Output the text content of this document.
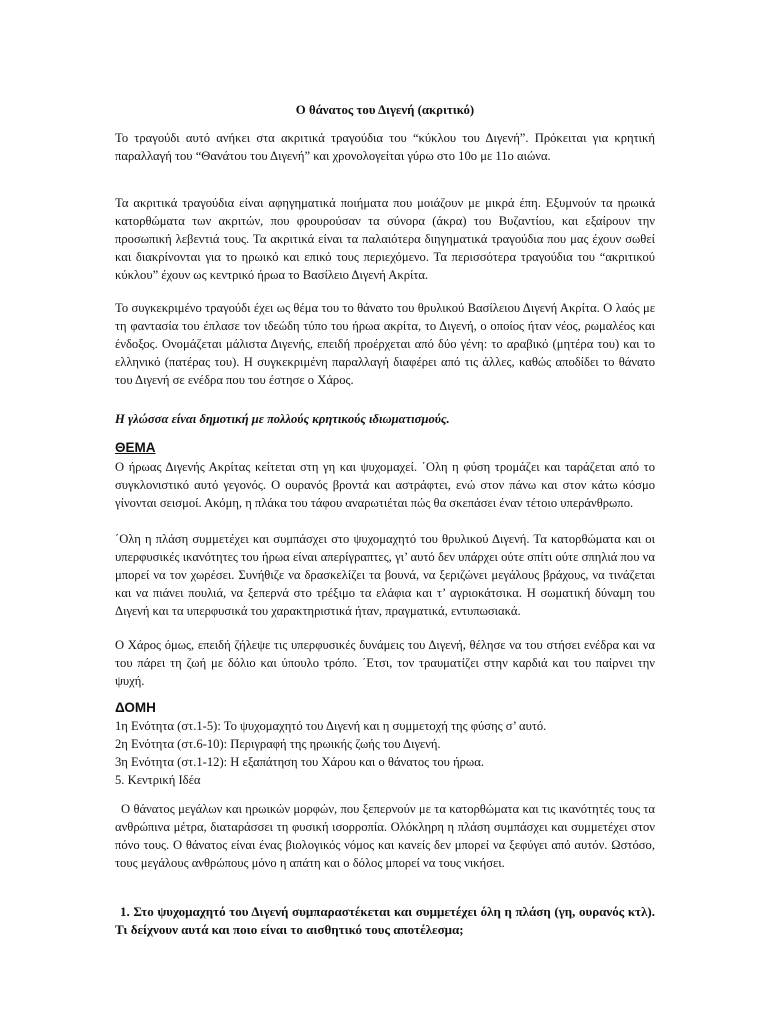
Ο θάνατος του Διγενή (ακριτικό)

Το τραγούδι αυτό ανήκει στα ακριτικά τραγούδια του “κύκλου του Διγενή”. Πρόκειται για κρητική παραλλαγή του “Θανάτου του Διγενή” και χρονολογείται γύρω στο 10ο με 11ο αιώνα.

Τα ακριτικά τραγούδια είναι αφηγηματικά ποιήματα που μοιάζουν με μικρά έπη. Εξυμνούν τα ηρωικά κατορθώματα των ακριτών, που φρουρούσαν τα σύνορα (άκρα) του Βυζαντίου, και εξαίρουν την προσωπική λεβεντιά τους. Τα ακριτικά είναι τα παλαιότερα διηγηματικά τραγούδια που μας έχουν σωθεί και διακρίνονται για το ηρωικό και επικό τους περιεχόμενο. Τα περισσότερα τραγούδια του “ακριτικού κύκλου” έχουν ως κεντρικό ήρωα το Βασίλειο Διγενή Ακρίτα.

Το συγκεκριμένο τραγούδι έχει ως θέμα του το θάνατο του θρυλικού Βασίλειου Διγενή Ακρίτα. Ο λαός με τη φαντασία του έπλασε τον ιδεώδη τύπο του ήρωα ακρίτα, το Διγενή, ο οποίος ήταν νέος, ρωμαλέος και ένδοξος. Ονομάζεται μάλιστα Διγενής, επειδή προέρχεται από δύο γένη: το αραβικό (μητέρα του) και το ελληνικό (πατέρας του). Η συγκεκριμένη παραλλαγή διαφέρει από τις άλλες, καθώς αποδίδει το θάνατο του Διγενή σε ενέδρα που του έστησε ο Χάρος.

Η γλώσσα είναι δημοτική με πολλούς κρητικούς ιδιωματισμούς.

ΘΕΜΑ

Ο ήρωας Διγενής Ακρίτας κείτεται στη γη και ψυχομαχεί. ΄Ολη η φύση τρομάζει και ταράζεται από το συγκλονιστικό αυτό γεγονός. Ο ουρανός βροντά και αστράφτει, ενώ στον πάνω και στον κάτω κόσμο γίνονται σεισμοί. Ακόμη, η πλάκα του τάφου αναρωτιέται πώς θα σκεπάσει έναν τέτοιο υπεράνθρωπο.

΄Ολη η πλάση συμμετέχει και συμπάσχει στο ψυχομαχητό του θρυλικού Διγενή. Τα κατορθώματα και οι υπερφυσικές ικανότητες του ήρωα είναι απερίγραπτες, γι’ αυτό δεν υπάρχει ούτε σπίτι ούτε σπηλιά που να μπορεί να τον χωρέσει. Συνήθιζε να δρασκελίζει τα βουνά, να ξεριζώνει μεγάλους βράχους, να τινάζεται και να πιάνει πουλιά, να ξεπερνά στο τρέξιμο τα ελάφια και τ’ αγριοκάτσικα. Η σωματική δύναμη του Διγενή και τα υπερφυσικά του χαρακτηριστικά ήταν, πραγματικά, εντυπωσιακά.

Ο Χάρος όμως, επειδή ζήλεψε τις υπερφυσικές δυνάμεις του Διγενή, θέλησε να του στήσει ενέδρα και να του πάρει τη ζωή με δόλιο και ύπουλο τρόπο. ΄Ετσι, τον τραυματίζει στην καρδιά και του παίρνει την ψυχή.

ΔΟΜΗ
1η Ενότητα (στ.1-5): Το ψυχομαχητό του Διγενή και η συμμετοχή της φύσης σ’ αυτό.
2η Ενότητα (στ.6-10): Περιγραφή της ηρωικής ζωής του Διγενή.
3η Ενότητα (στ.1-12): Η εξαπάτηση του Χάρου και ο θάνατος του ήρωα.
5. Κεντρική Ιδέα

Ο θάνατος μεγάλων και ηρωικών μορφών, που ξεπερνούν με τα κατορθώματα και τις ικανότητές τους τα ανθρώπινα μέτρα, διαταράσσει τη φυσική ισορροπία. Ολόκληρη η πλάση συμπάσχει και συμμετέχει στον πόνο τους. Ο θάνατος είναι ένας βιολογικός νόμος και κανείς δεν μπορεί να ξεφύγει από αυτόν. Ωστόσο, τους μεγάλους ανθρώπους μόνο η απάτη και ο δόλος μπορεί να τους νικήσει.

1. Στο ψυχομαχητό του Διγενή συμπαραστέκεται και συμμετέχει όλη η πλάση (γη, ουρανός κτλ). Τι δείχνουν αυτά και ποιο είναι το αισθητικό τους αποτέλεσμα;
